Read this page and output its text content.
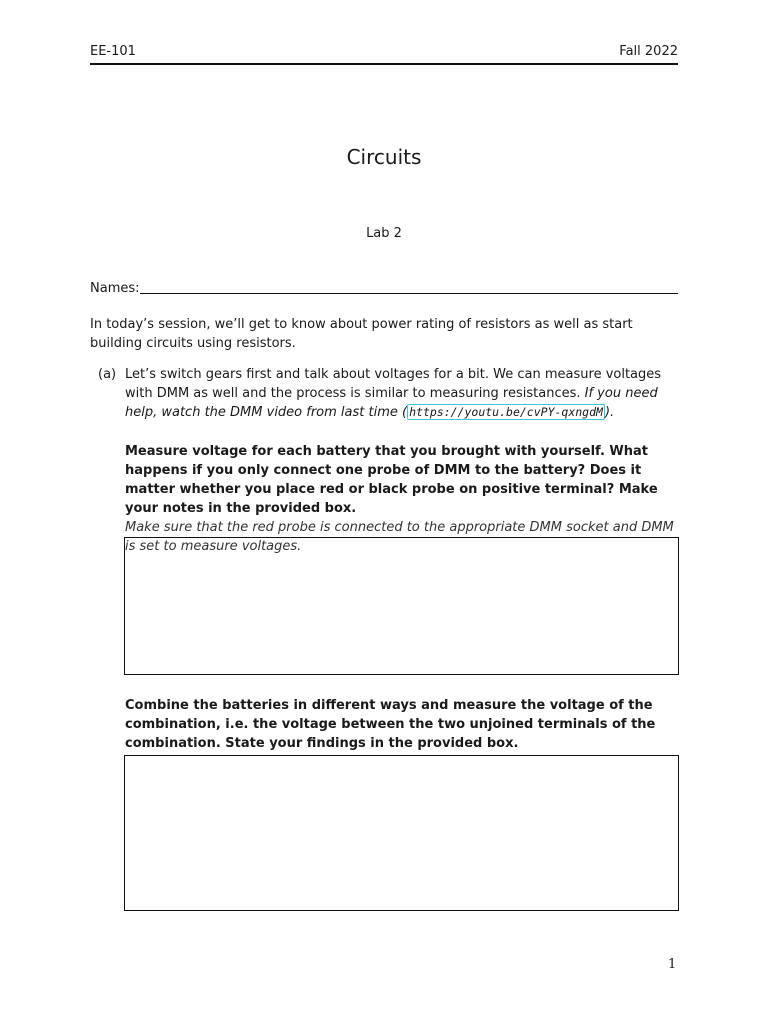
EE-101	Fall 2022
Circuits
Lab 2
Names:
In today’s session, we’ll get to know about power rating of resistors as well as start building circuits using resistors.
(a) Let’s switch gears first and talk about voltages for a bit. We can measure voltages with DMM as well and the process is similar to measuring resistances. If you need help, watch the DMM video from last time ( https://youtu.be/cvPY-qxngdM ).
Measure voltage for each battery that you brought with yourself. What happens if you only connect one probe of DMM to the battery? Does it matter whether you place red or black probe on positive terminal? Make your notes in the provided box.
Make sure that the red probe is connected to the appropriate DMM socket and DMM is set to measure voltages.
Combine the batteries in different ways and measure the voltage of the combination, i.e. the voltage between the two unjoined terminals of the combination. State your findings in the provided box.
1
